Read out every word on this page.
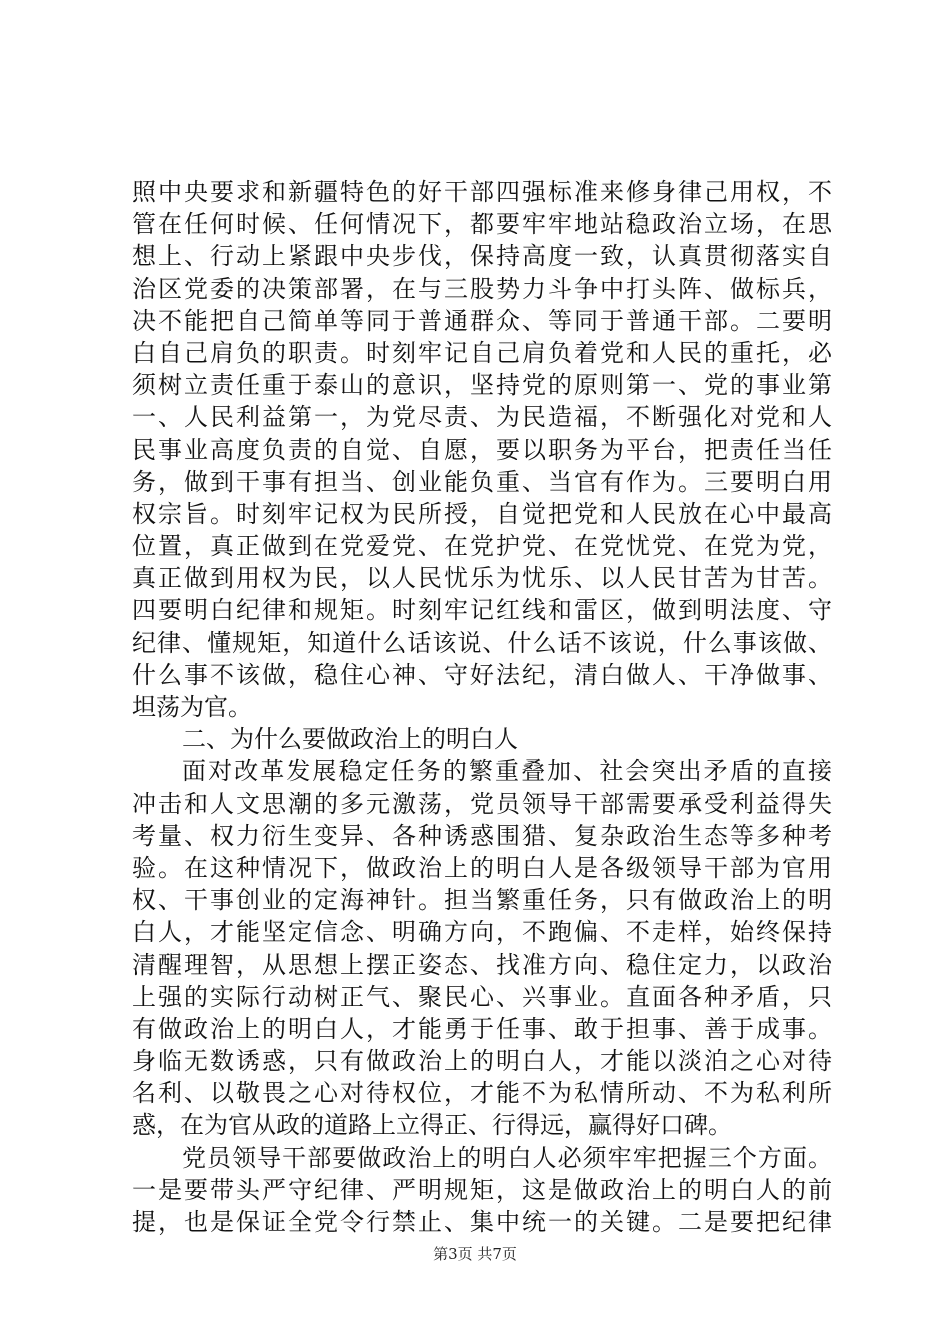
照中央要求和新疆特色的好干部四强标准来修身律己用权，不
管在任何时候、任何情况下，都要牢牢地站稳政治立场，在思
想上、行动上紧跟中央步伐，保持高度一致，认真贯彻落实自
治区党委的决策部署，在与三股势力斗争中打头阵、做标兵，
决不能把自己简单等同于普通群众、等同于普通干部。二要明
白自己肩负的职责。时刻牢记自己肩负着党和人民的重托，必
须树立责任重于泰山的意识，坚持党的原则第一、党的事业第
一、人民利益第一，为党尽责、为民造福，不断强化对党和人
民事业高度负责的自觉、自愿，要以职务为平台，把责任当任
务，做到干事有担当、创业能负重、当官有作为。三要明白用
权宗旨。时刻牢记权为民所授，自觉把党和人民放在心中最高
位置，真正做到在党爱党、在党护党、在党忧党、在党为党，
真正做到用权为民，以人民忧乐为忧乐、以人民甘苦为甘苦。
四要明白纪律和规矩。时刻牢记红线和雷区，做到明法度、守
纪律、懂规矩，知道什么话该说、什么话不该说，什么事该做、
什么事不该做，稳住心神、守好法纪，清白做人、干净做事、
坦荡为官。
二、为什么要做政治上的明白人
面对改革发展稳定任务的繁重叠加、社会突出矛盾的直接
冲击和人文思潮的多元激荡，党员领导干部需要承受利益得失
考量、权力衍生变异、各种诱惑围猎、复杂政治生态等多种考
验。在这种情况下，做政治上的明白人是各级领导干部为官用
权、干事创业的定海神针。担当繁重任务，只有做政治上的明
白人，才能坚定信念、明确方向，不跑偏、不走样，始终保持
清醒理智，从思想上摆正姿态、找准方向、稳住定力，以政治
上强的实际行动树正气、聚民心、兴事业。直面各种矛盾，只
有做政治上的明白人，才能勇于任事、敢于担事、善于成事。
身临无数诱惑，只有做政治上的明白人，才能以淡泊之心对待
名利、以敬畏之心对待权位，才能不为私情所动、不为私利所
惑，在为官从政的道路上立得正、行得远，赢得好口碑。
党员领导干部要做政治上的明白人必须牢牢把握三个方面。
一是要带头严守纪律、严明规矩，这是做政治上的明白人的前
提，也是保证全党令行禁止、集中统一的关键。二是要把纪律
第3页 共7页
